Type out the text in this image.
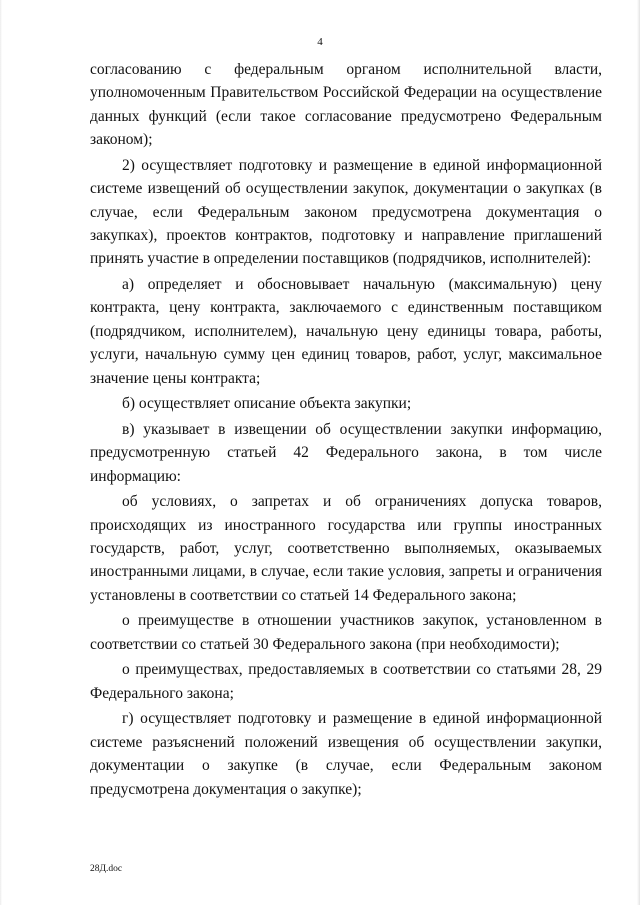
4

согласованию с федеральным органом исполнительной власти, уполномоченным Правительством Российской Федерации на осуществление данных функций (если такое согласование предусмотрено Федеральным законом);

2) осуществляет подготовку и размещение в единой информационной системе извещений об осуществлении закупок, документации о закупках (в случае, если Федеральным законом предусмотрена документация о закупках), проектов контрактов, подготовку и направление приглашений принять участие в определении поставщиков (подрядчиков, исполнителей):

а) определяет и обосновывает начальную (максимальную) цену контракта, цену контракта, заключаемого с единственным поставщиком (подрядчиком, исполнителем), начальную цену единицы товара, работы, услуги, начальную сумму цен единиц товаров, работ, услуг, максимальное значение цены контракта;

б) осуществляет описание объекта закупки;

в) указывает в извещении об осуществлении закупки информацию, предусмотренную статьей 42 Федерального закона, в том числе информацию:

об условиях, о запретах и об ограничениях допуска товаров, происходящих из иностранного государства или группы иностранных государств, работ, услуг, соответственно выполняемых, оказываемых иностранными лицами, в случае, если такие условия, запреты и ограничения установлены в соответствии со статьей 14 Федерального закона;

о преимуществе в отношении участников закупок, установленном в соответствии со статьей 30 Федерального закона (при необходимости);

о преимуществах, предоставляемых в соответствии со статьями 28, 29 Федерального закона;

г) осуществляет подготовку и размещение в единой информационной системе разъяснений положений извещения об осуществлении закупки, документации о закупке (в случае, если Федеральным законом предусмотрена документация о закупке);

28Д.doc
